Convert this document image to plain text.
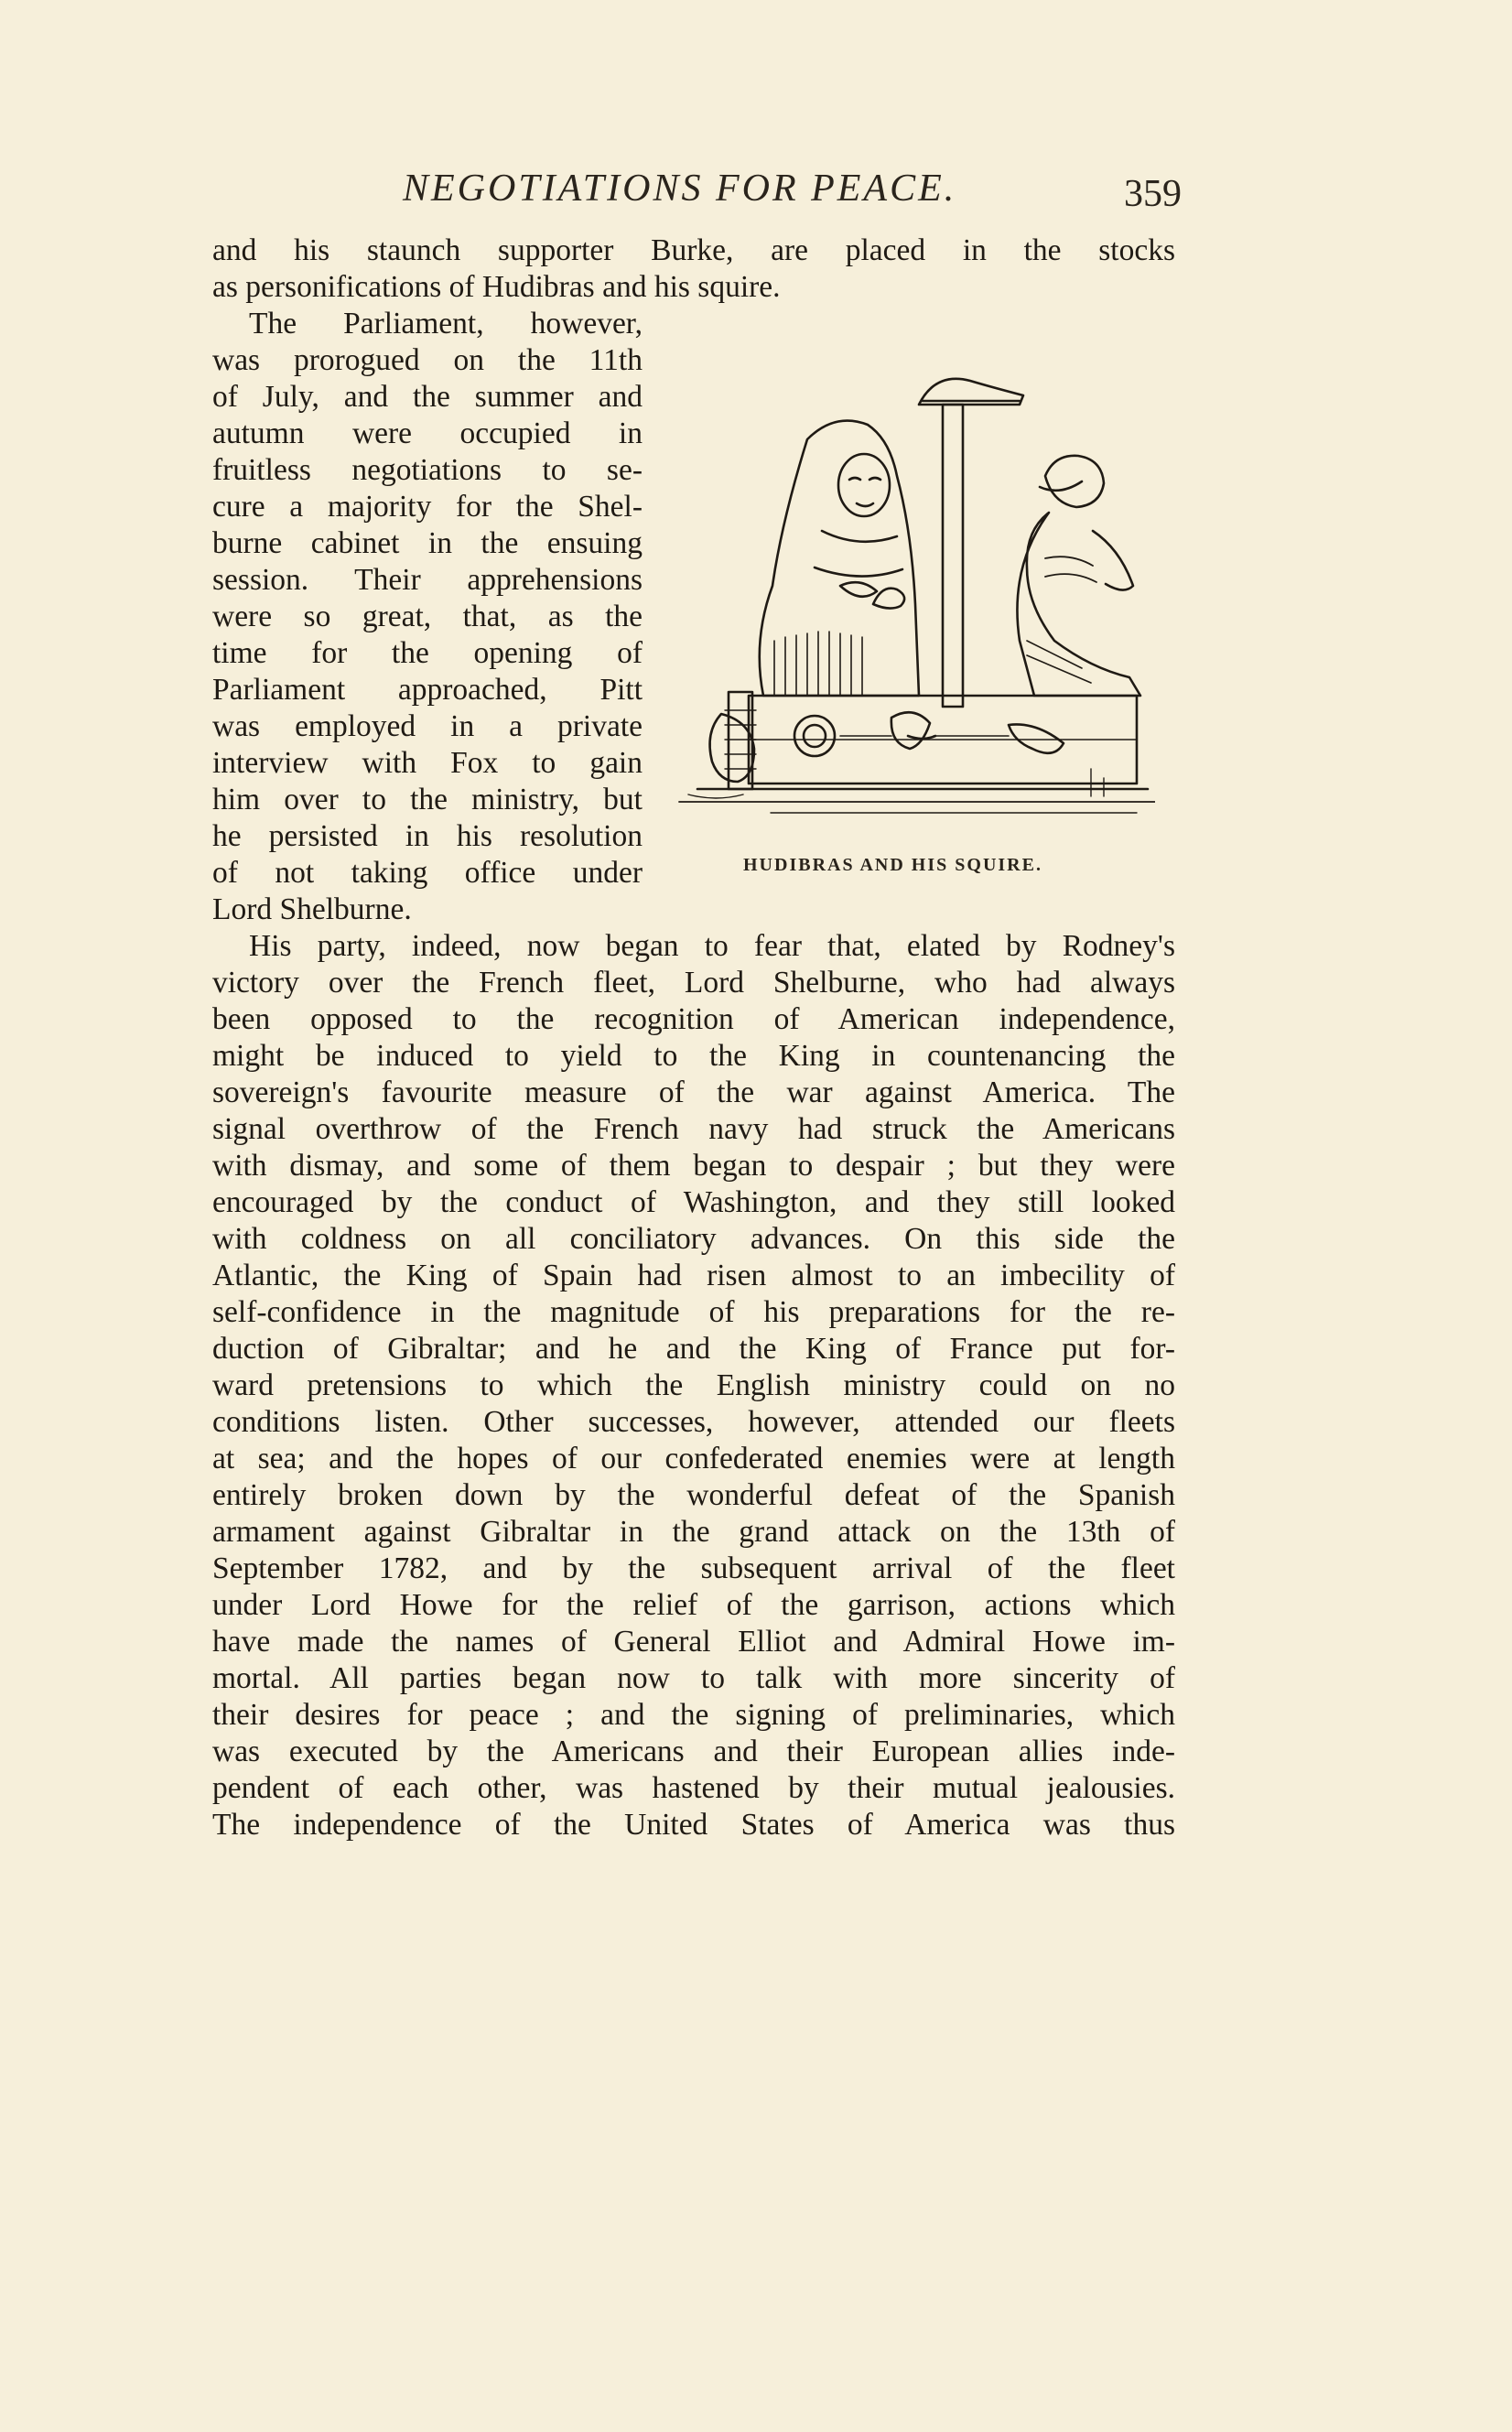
NEGOTIATIONS FOR PEACE.	359
and his staunch supporter Burke, are placed in the stocks
as personifications of Hudibras and his squire.
The Parliament, however,
was prorogued on the 11th
of July, and the summer and
autumn were occupied in
fruitless negotiations to se-
cure a majority for the Shel-
burne cabinet in the ensuing
session. Their apprehensions
were so great, that, as the
time for the opening of
Parliament approached, Pitt
was employed in a private
interview with Fox to gain
him over to the ministry, but
he persisted in his resolution
of not taking office under
Lord Shelburne.
His party, indeed, now began to fear that, elated by Rodney's
victory over the French fleet, Lord Shelburne, who had always
been opposed to the recognition of American independence,
might be induced to yield to the King in countenancing the
sovereign's favourite measure of the war against America. The
signal overthrow of the French navy had struck the Americans
with dismay, and some of them began to despair ; but they were
encouraged by the conduct of Washington, and they still looked
with coldness on all conciliatory advances. On this side the
Atlantic, the King of Spain had risen almost to an imbecility of
self-confidence in the magnitude of his preparations for the re-
duction of Gibraltar; and he and the King of France put for-
ward pretensions to which the English ministry could on no
conditions listen. Other successes, however, attended our fleets
at sea; and the hopes of our confederated enemies were at length
entirely broken down by the wonderful defeat of the Spanish
armament against Gibraltar in the grand attack on the 13th of
September 1782, and by the subsequent arrival of the fleet
under Lord Howe for the relief of the garrison, actions which
have made the names of General Elliot and Admiral Howe im-
mortal. All parties began now to talk with more sincerity of
their desires for peace ; and the signing of preliminaries, which
was executed by the Americans and their European allies inde-
pendent of each other, was hastened by their mutual jealousies.
The independence of the United States of America was thus
HUDIBRAS AND HIS SQUIRE.
